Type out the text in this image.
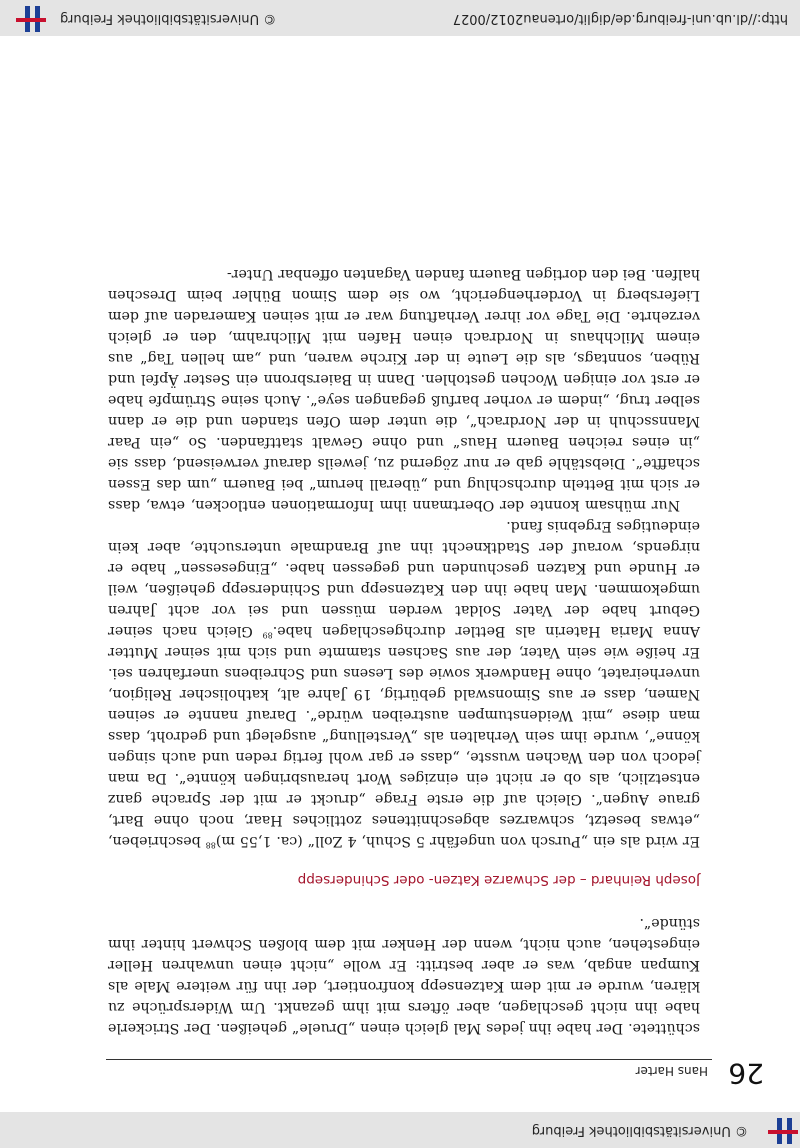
© Universitätsbibliothek Freiburg
26
Hans Harter

schüttete. Der habe ihn jedes Mal gleich einen „Druele“ geheißen. Der Strickerle habe ihn nicht geschlagen, aber öfters mit ihm gezankt. Um Widersprüche zu klären, wurde er mit dem Katzensepp konfrontiert, der ihn für weitere Male als Kumpan angab, was er aber bestritt: Er wolle „nicht einen unwahren Heller eingestehen, auch nicht, wenn der Henker mit dem bloßen Schwert hinter ihm stünde“.

Joseph Reinhard – der Schwarze Katzen- oder Schindersepp

Er wird als ein „Pursch von ungefähr 5 Schuh, 4 Zoll“ (ca. 1,55 m)$^{88}$ beschrieben, „etwas besetzt, schwarzes abgeschnittenes zottliches Haar, noch ohne Bart, graue Augen“. Gleich auf die erste Frage „druckt er mit der Sprache ganz entsetzlich, als ob er nicht ein einziges Wort herausbringen könnte“. Da man jedoch von den Wachen wusste, „dass er gar wohl fertig reden und auch singen könne“, wurde ihm sein Verhalten als „Verstellung“ ausgelegt und gedroht, dass man diese „mit Weidenstumpen austreiben würde“. Darauf nannte er seinen Namen, dass er aus Simonswald gebürtig, 19 Jahre alt, katholischer Religion, unverheiratet, ohne Handwerk sowie des Lesens und Schreibens unerfahren sei. Er heiße wie sein Vater, der aus Sachsen stammte und sich mit seiner Mutter Anna Maria Haterin als Bettler durchgeschlagen habe.$^{89}$ Gleich nach seiner Geburt habe der Vater Soldat werden müssen und sei vor acht Jahren umgekommen. Man habe ihn den Katzensepp und Schindersepp geheißen, weil er Hunde und Katzen geschunden und gegessen habe. „Eingesessen“ habe er nirgends, worauf der Stadtknecht ihn auf Brandmale untersuchte, aber kein eindeutiges Ergebnis fand.

Nur mühsam konnte der Obertmann ihm Informationen entlocken, etwa, dass er sich mit Betteln durchschlug und „überall herum“ bei Bauern „um das Essen schaffte“. Diebstähle gab er nur zögernd zu, jeweils darauf verweisend, dass sie „in eines reichen Bauern Haus“ und ohne Gewalt stattfanden. So „ein Paar Mannsschuh in der Nordrach“, die unter dem Ofen standen und die er dann selber trug, „indem er vorher barfuß gegangen seye“. Auch seine Strümpfe habe er erst vor einigen Wochen gestohlen. Dann in Baiersbronn ein Sester Äpfel und Rüben, sonntags, als die Leute in der Kirche waren, und „am hellen Tag“ aus einem Milchhaus in Nordrach einen Hafen mit Milchrahm, den er gleich verzehrte. Die Tage vor ihrer Verhaftung war er mit seinen Kameraden auf dem Liefersberg in Vorderhengericht, wo sie dem Simon Bühler beim Dreschen halfen. Bei den dortigen Bauern fanden Vaganten offenbar Unter-

http://dl.ub.uni-freiburg.de/diglit/ortenau2012/0027
© Universitätsbibliothek Freiburg
